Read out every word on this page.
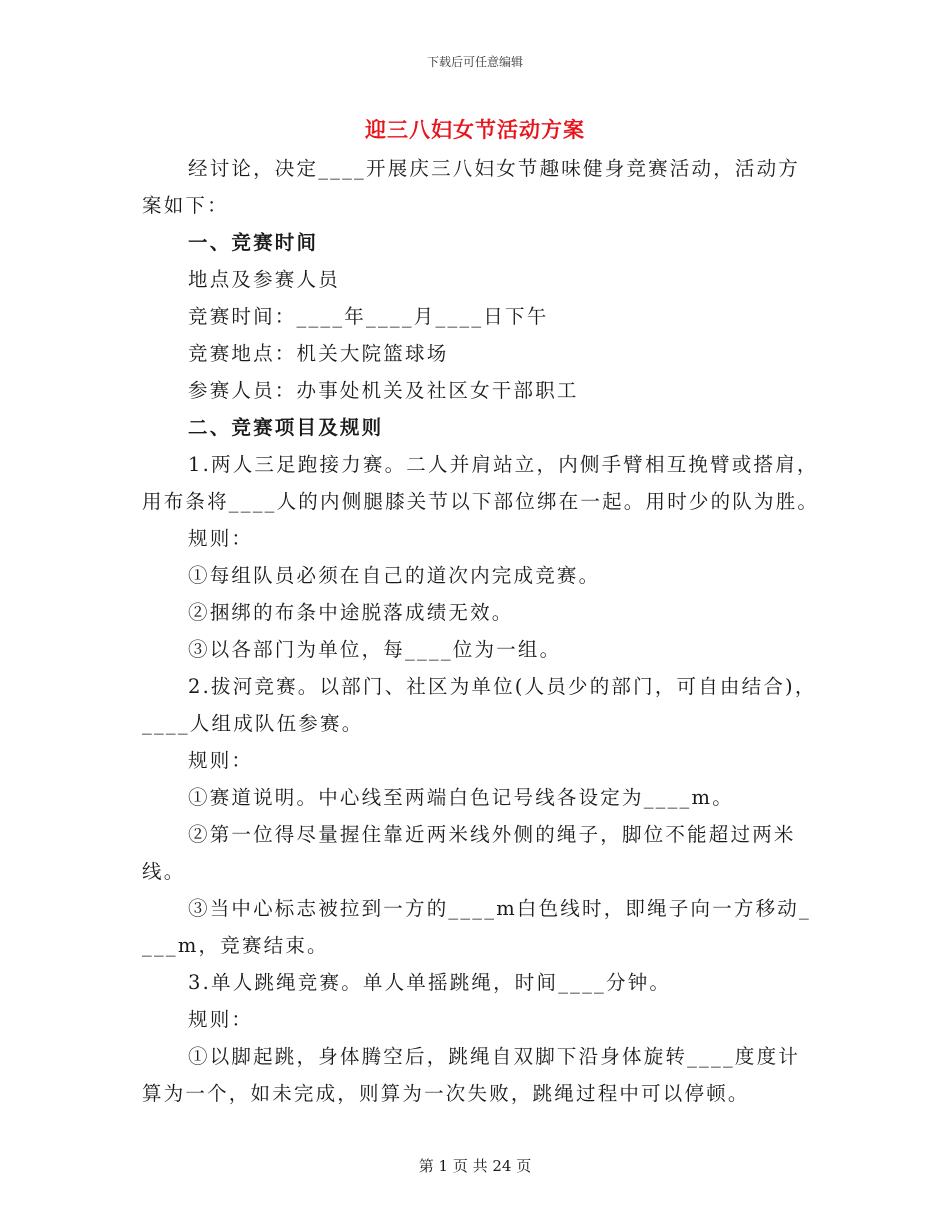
下载后可任意编辑
迎三八妇女节活动方案
经讨论，决定____开展庆三八妇女节趣味健身竞赛活动，活动方
案如下：
一、竞赛时间
地点及参赛人员
竞赛时间：____年____月____日下午
竞赛地点：机关大院篮球场
参赛人员：办事处机关及社区女干部职工
二、竞赛项目及规则
1.两人三足跑接力赛。二人并肩站立，内侧手臂相互挽臂或搭肩，
用布条将____人的内侧腿膝关节以下部位绑在一起。用时少的队为胜。
规则：
①每组队员必须在自己的道次内完成竞赛。
②捆绑的布条中途脱落成绩无效。
③以各部门为单位，每____位为一组。
2.拔河竞赛。以部门、社区为单位(人员少的部门，可自由结合)，
____人组成队伍参赛。
规则：
①赛道说明。中心线至两端白色记号线各设定为____m。
②第一位得尽量握住靠近两米线外侧的绳子，脚位不能超过两米
线。
③当中心标志被拉到一方的____m白色线时，即绳子向一方移动_
___m，竞赛结束。
3.单人跳绳竞赛。单人单摇跳绳，时间____分钟。
规则：
①以脚起跳，身体腾空后，跳绳自双脚下沿身体旋转____度度计
算为一个，如未完成，则算为一次失败，跳绳过程中可以停顿。
第 1 页 共 24 页
